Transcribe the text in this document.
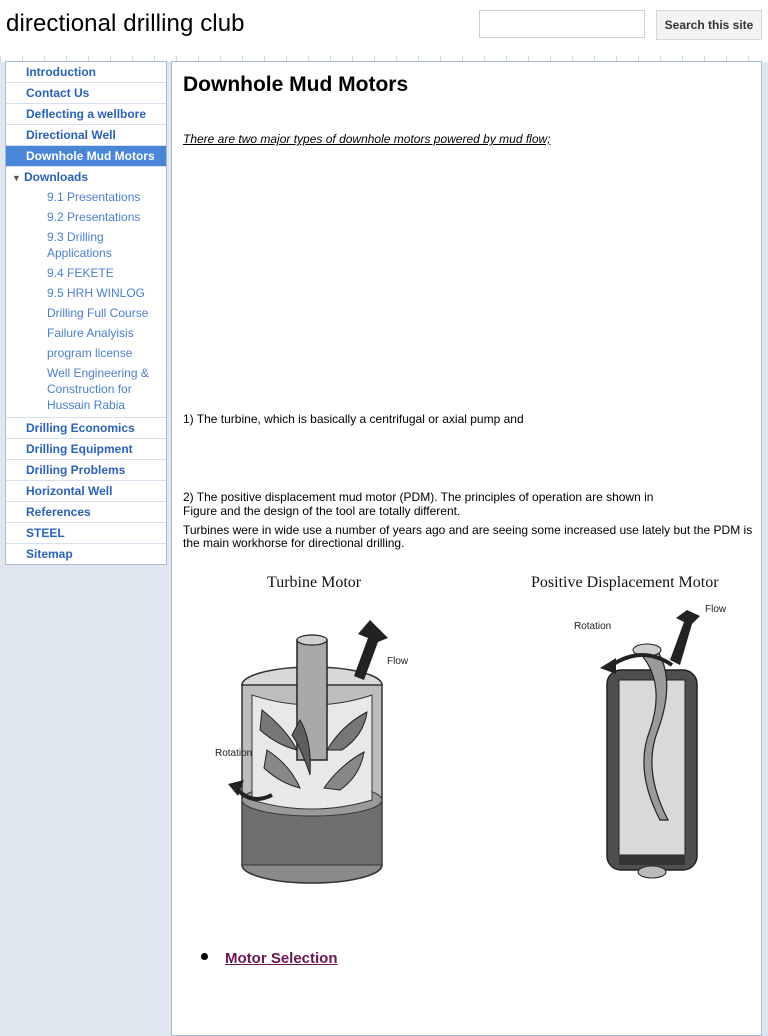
directional drilling club	Search this site
Introduction
Contact Us
Deflecting a wellbore
Directional Well
Downhole Mud Motors
▼ Downloads
9.1 Presentations
9.2 Presentations
9.3 Drilling Applications
9.4 FEKETE
9.5 HRH WINLOG
Drilling Full Course
Failure Analyisis
program license
Well Engineering & Construction for Hussain Rabia
Drilling Economics
Drilling Equipment
Drilling Problems
Horizontal Well
References
STEEL
Sitemap
Downhole Mud Motors
There are two major types of downhole motors powered by mud flow;
1) The turbine, which is basically a centrifugal or axial pump and
2) The positive displacement mud motor (PDM). The principles of operation are shown in
Figure and the design of the tool are totally different.
Turbines were in wide use a number of years ago and are seeing some increased use lately but the PDM is the main workhorse for directional drilling.
Turbine Motor	Positive Displacement Motor
Flow
Rotation
Flow
Rotation
Motor Selection
